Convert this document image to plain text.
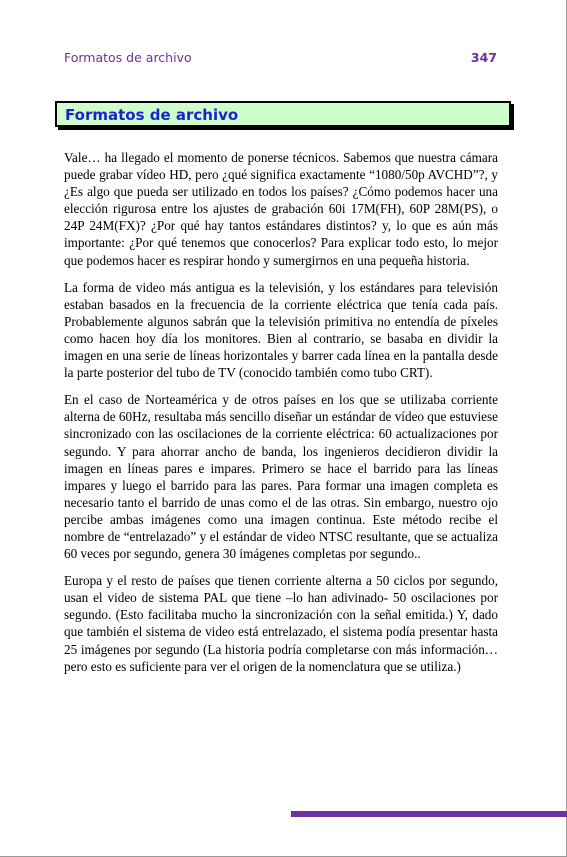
Formatos de archivo	347
Formatos de archivo

Vale… ha llegado el momento de ponerse técnicos. Sabemos que nuestra cámara puede grabar vídeo HD, pero ¿qué significa exactamente “1080/50p AVCHD”?, y ¿Es algo que pueda ser utilizado en todos los países? ¿Cómo podemos hacer una elección rigurosa entre los ajustes de grabación 60i 17M(FH), 60P 28M(PS), o 24P 24M(FX)? ¿Por qué hay tantos estándares distintos? y, lo que es aún más importante: ¿Por qué tenemos que conocerlos? Para explicar todo esto, lo mejor que podemos hacer es respirar hondo y sumergirnos en una pequeña historia.

La forma de video más antigua es la televisión, y los estándares para televisión estaban basados en la frecuencia de la corriente eléctrica que tenía cada país. Probablemente algunos sabrán que la televisión primitiva no entendía de píxeles como hacen hoy día los monitores. Bien al contrario, se basaba en dividir la imagen en una serie de líneas horizontales y barrer cada línea en la pantalla desde la parte posterior del tubo de TV (conocido también como tubo CRT).

En el caso de Norteamérica y de otros países en los que se utilizaba corriente alterna de 60Hz, resultaba más sencillo diseñar un estándar de vídeo que estuviese sincronizado con las oscilaciones de la corriente eléctrica: 60 actualizaciones por segundo. Y para ahorrar ancho de banda, los ingenieros decidieron dividir la imagen en líneas pares e impares. Primero se hace el barrido para las líneas impares y luego el barrido para las pares. Para formar una imagen completa es necesario tanto el barrido de unas como el de las otras. Sin embargo, nuestro ojo percibe ambas imágenes como una imagen continua. Este método recibe el nombre de “entrelazado” y el estándar de video NTSC resultante, que se actualiza 60 veces por segundo, genera 30 imágenes completas por segundo..

Europa y el resto de países que tienen corriente alterna a 50 ciclos por segundo, usan el video de sistema PAL que tiene –lo han adivinado- 50 oscilaciones por segundo. (Esto facilitaba mucho la sincronización con la señal emitida.) Y, dado que también el sistema de video está entrelazado, el sistema podía presentar hasta 25 imágenes por segundo (La historia podría completarse con más información… pero esto es suficiente para ver el origen de la nomenclatura que se utiliza.)
